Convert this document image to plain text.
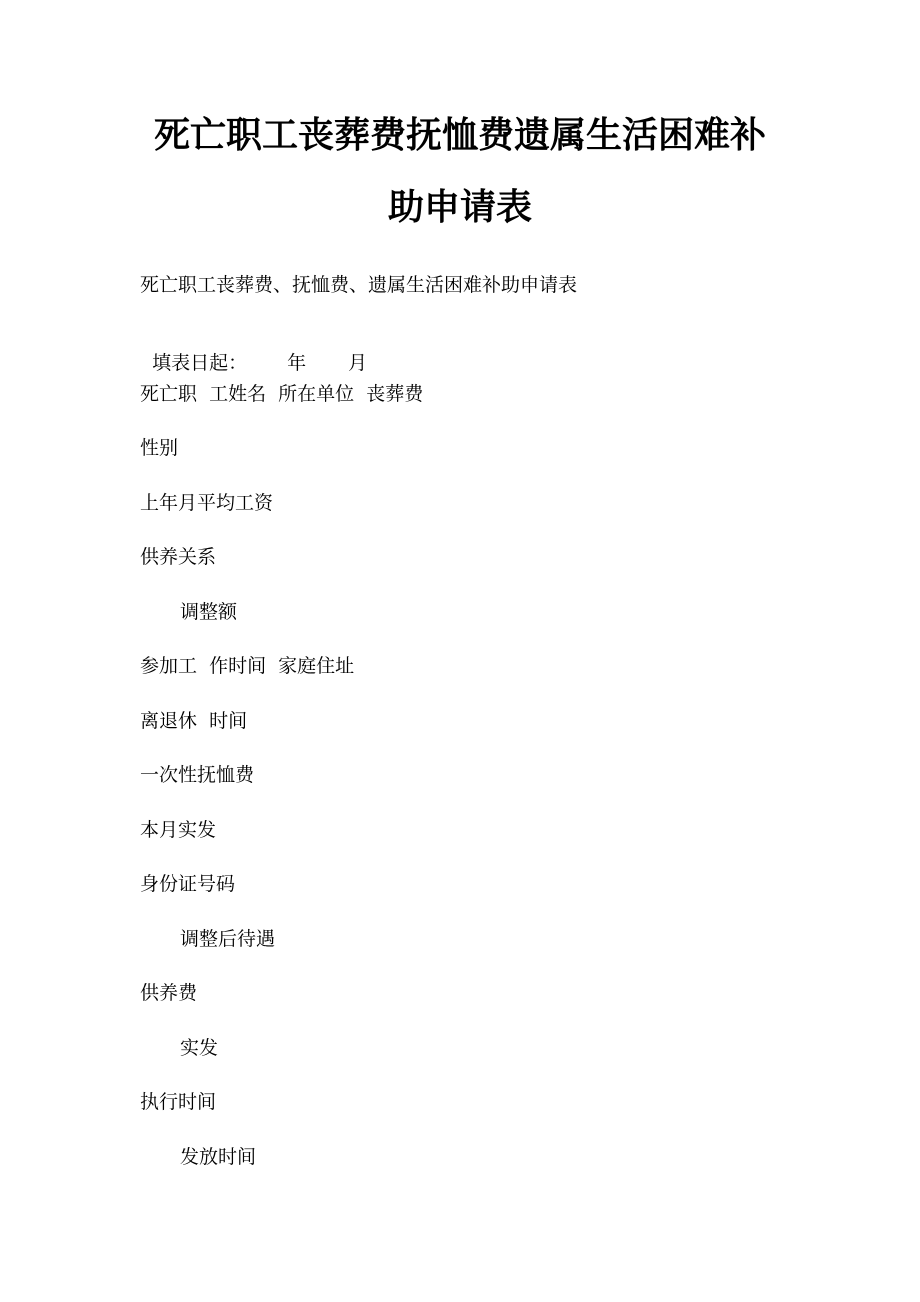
死亡职工丧葬费抚恤费遗属生活困难补
助申请表

死亡职工丧葬费、抚恤费、遗属生活困难补助申请表

填表日起： 年 月

死亡职  工姓名  所在单位  丧葬费

性别

上年月平均工资

供养关系

调整额

参加工  作时间  家庭住址

离退休  时间

一次性抚恤费

本月实发

身份证号码

调整后待遇

供养费

实发

执行时间

发放时间
